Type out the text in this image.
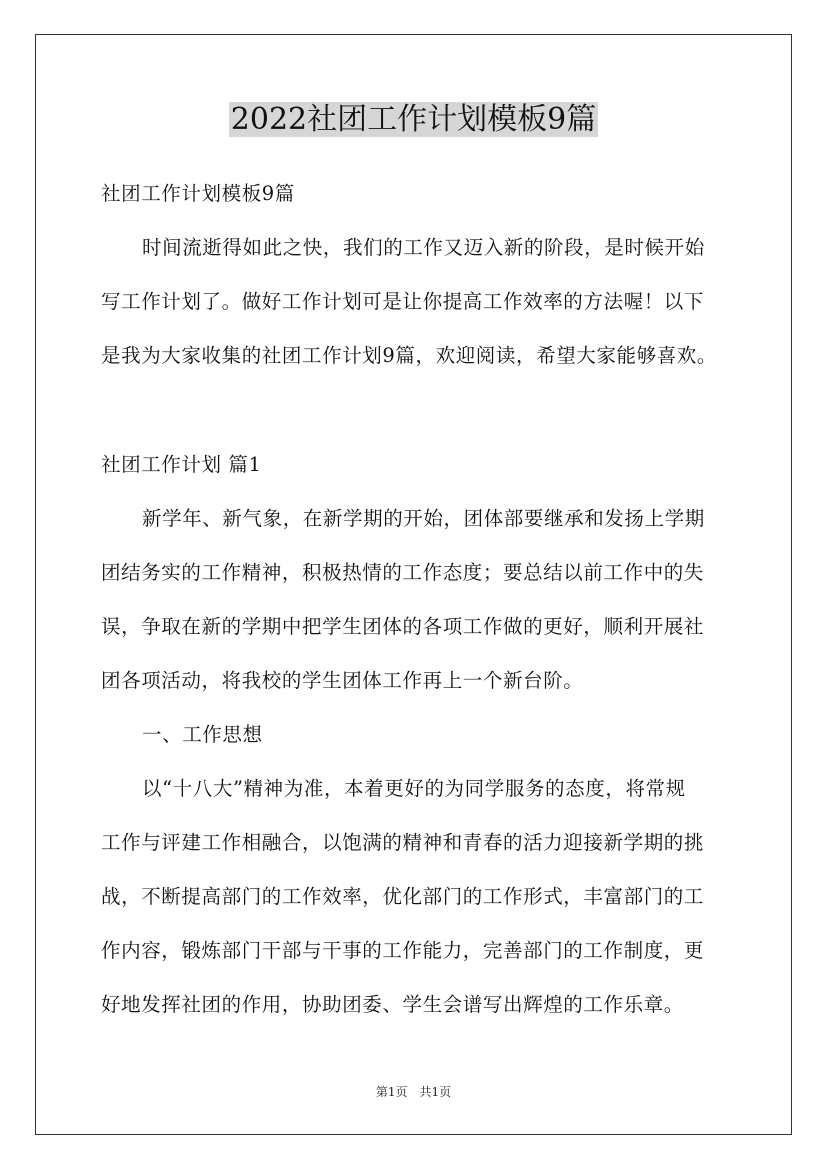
2022社团工作计划模板9篇
社团工作计划模板9篇
时间流逝得如此之快，我们的工作又迈入新的阶段，是时候开始
写工作计划了。做好工作计划可是让你提高工作效率的方法喔！以下
是我为大家收集的社团工作计划9篇，欢迎阅读，希望大家能够喜欢。
社团工作计划 篇1
新学年、新气象，在新学期的开始，团体部要继承和发扬上学期
团结务实的工作精神，积极热情的工作态度；要总结以前工作中的失
误，争取在新的学期中把学生团体的各项工作做的更好，顺利开展社
团各项活动，将我校的学生团体工作再上一个新台阶。
一、工作思想
以“十八大”精神为准，本着更好的为同学服务的态度，将常规
工作与评建工作相融合，以饱满的精神和青春的活力迎接新学期的挑
战，不断提高部门的工作效率，优化部门的工作形式，丰富部门的工
作内容，锻炼部门干部与干事的工作能力，完善部门的工作制度，更
好地发挥社团的作用，协助团委、学生会谱写出辉煌的工作乐章。
第1页　共1页
